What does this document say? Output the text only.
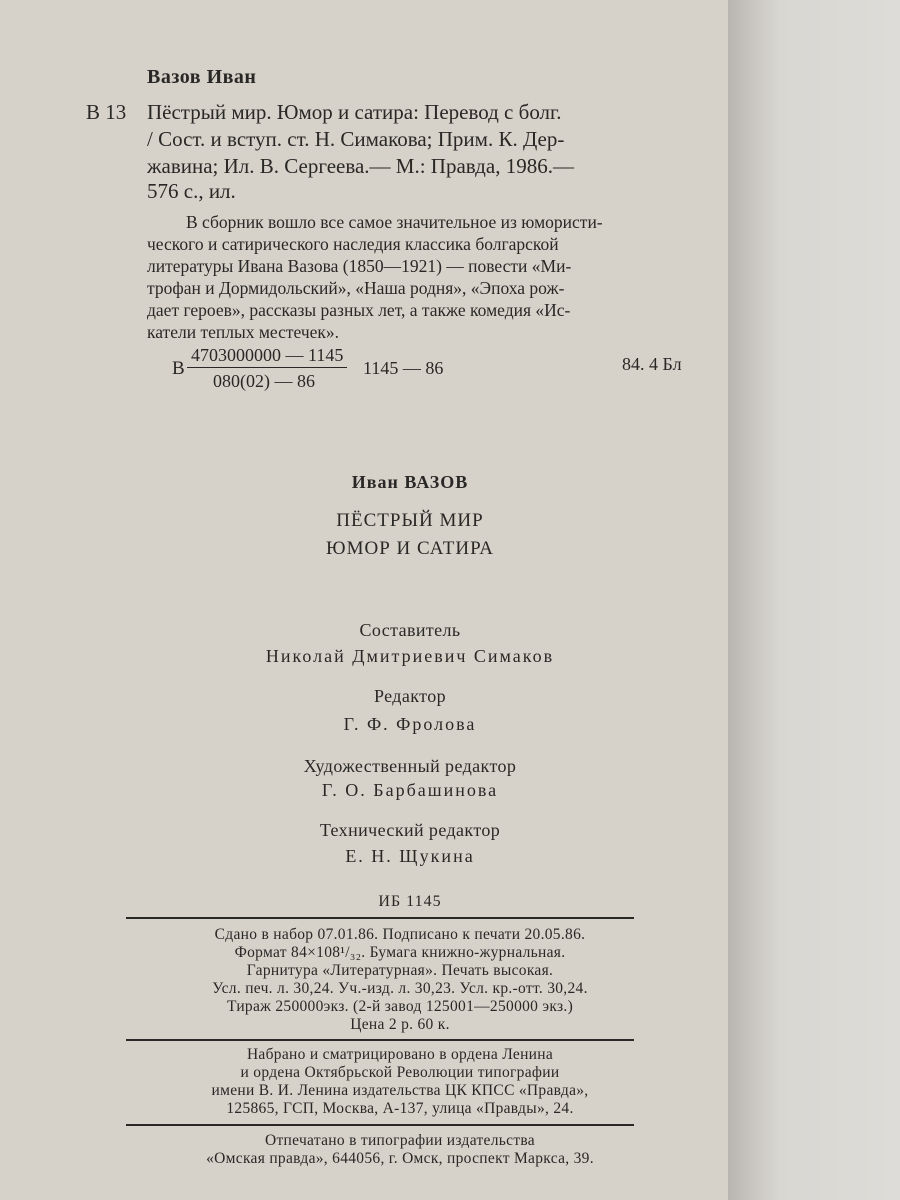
Вазов Иван
В 13 Пёстрый мир. Юмор и сатира: Перевод с болг.
/ Сост. и вступ. ст. Н. Симакова; Прим. К. Дер-
жавина; Ил. В. Сергеева.— М.: Правда, 1986.—
576 с., ил.
В сборник вошло все самое значительное из юмористи-
ческого и сатирического наследия классика болгарской
литературы Ивана Вазова (1850—1921) — повести «Ми-
трофан и Дормидольский», «Наша родня», «Эпоха рож-
дает героев», рассказы разных лет, а также комедия «Ис-
катели теплых местечек».
В $\frac{4703000000 — 1145}{080(02) — 86} 1145$ — 86	84. 4 Бл
Иван ВАЗОВ
ПЁСТРЫЙ МИР
ЮМОР И САТИРА
Составитель
Николай Дмитриевич Симаков
Редактор
Г. Ф. Фролова
Художественный редактор
Г. О. Барбашинова
Технический редактор
Е. Н. Щукина
ИБ 1145
Сдано в набор 07.01.86. Подписано к печати 20.05.86.
Формат 84×108¹/₃₂. Бумага книжно-журнальная.
Гарнитура «Литературная». Печать высокая.
Усл. печ. л. 30,24. Уч.-изд. л. 30,23. Усл. кр.-отт. 30,24.
Тираж 250000экз. (2-й завод 125001—250000 экз.)
Цена 2 р. 60 к.
Набрано и сматрицировано в ордена Ленина
и ордена Октябрьской Революции типографии
имени В. И. Ленина издательства ЦК КПСС «Правда»,
125865, ГСП, Москва, А-137, улица «Правды», 24.
Отпечатано в типографии издательства
«Омская правда», 644056, г. Омск, проспект Маркса, 39.
